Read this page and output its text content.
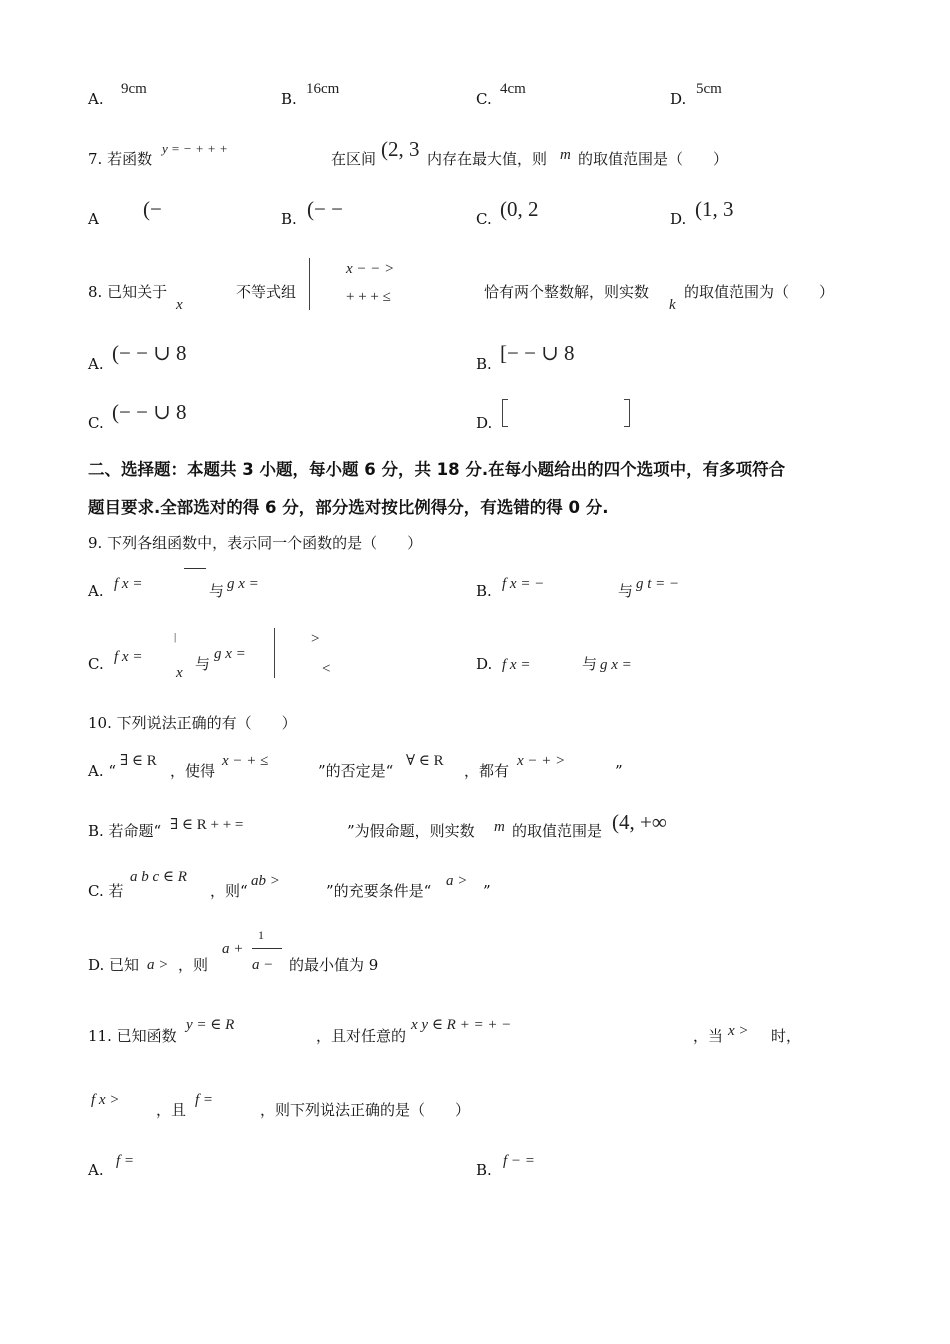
A.
9cm
B.
16cm
C.
4cm
D.
5cm
7. 若函数
y = − + + +
在区间 (2, 3 内存在最大值，则 m 的取值范围是（　　）
A (−	B. (− −	C. (0, 2	D. (1, 3
8. 已知关于
x
不等式组
x − − >
+ + + ≤	恰有两个整数解，则实数
k
的取值范围为（　　）
A. (− − ∪ 8	B. [− − ∪ 8
C. (− − ∪ 8	D.
二、选择题：本题共 3 小题，每小题 6 分，共 18 分.在每小题给出的四个选项中，有多项符合
题目要求.全部选对的得 6 分，部分选对按比例得分，有选错的得 0 分.
9. 下列各组函数中，表示同一个函数的是（　　）
A. f x =	与 g x =	B. f x = −	与 g t = −
C. f x =
|
x 与
g x =
>
<	D. f x =	与 g x =
10. 下列说法正确的有（　　）
A. “
∃ ∈ R
，使得
x − + ≤
”的否定是“
∀ ∈ R
，都有
x − + >
”
B. 若命题“ ∃ ∈ R + + =	”为假命题，则实数 m 的取值范围是 (4, +∞
C. 若
a b c ∈ R
，则“
ab >
”的充要条件是“
a >
”
D. 已知 a > ，则
a +
1
a − 的最小值为 9
11. 已知函数
y = ∈ R
，且对任意的
x y ∈ R + = + −
，当 x > 时，
f x >
，且
f =
，则下列说法正确的是（　　）
A. f =	B. f − =
